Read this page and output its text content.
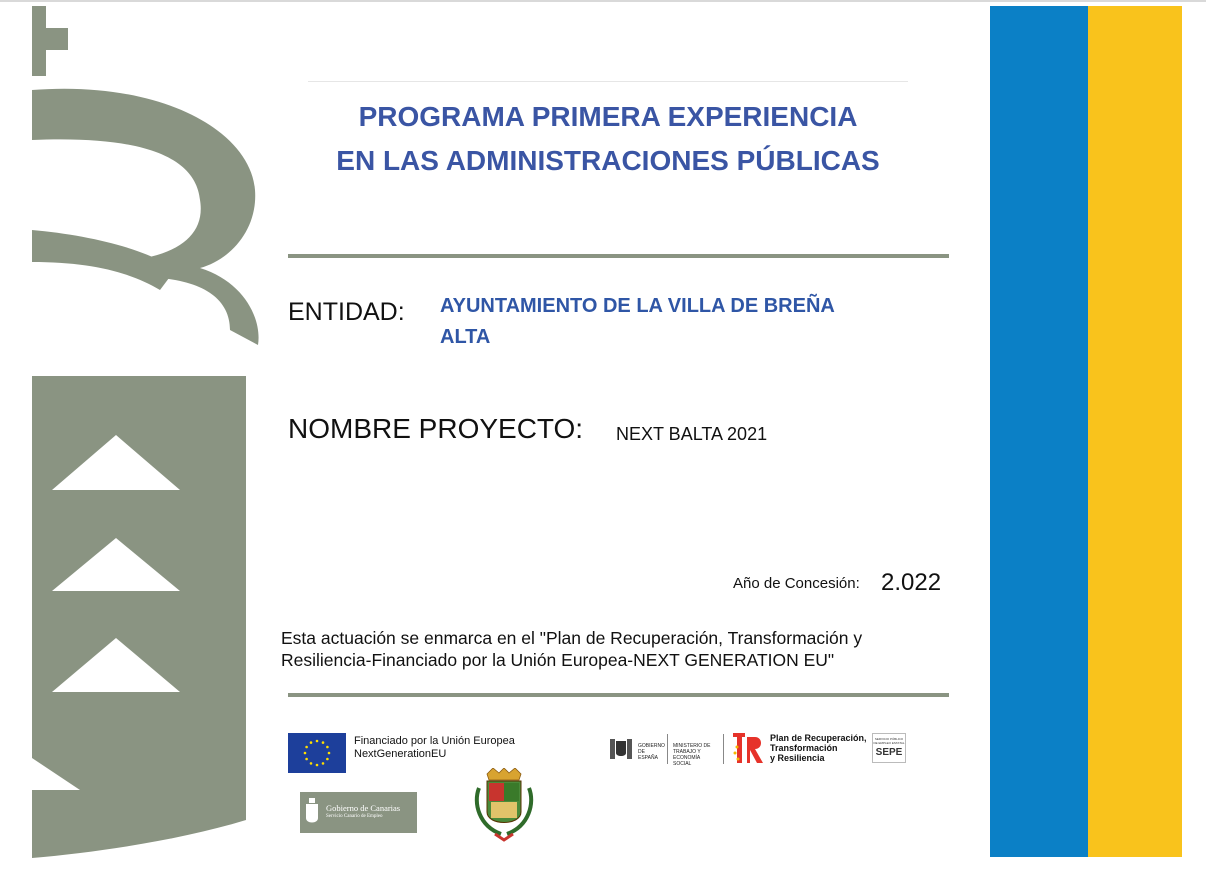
PROGRAMA PRIMERA EXPERIENCIA
EN LAS ADMINISTRACIONES PÚBLICAS
ENTIDAD: AYUNTAMIENTO DE LA VILLA DE BREÑA
ALTA
NOMBRE PROYECTO: NEXT BALTA 2021
Año de Concesión: 2.022
Esta actuación se enmarca en el "Plan de Recuperación, Transformación y
Resiliencia-Financiado por la Unión Europea-NEXT GENERATION EU"
Financiado por la Unión Europea
NextGenerationEU
GOBIERNO DE ESPAÑA
MINISTERIO DE TRABAJO Y ECONOMÍA SOCIAL
Plan de Recuperación,
Transformación
y Resiliencia
SERVICIO PÚBLICO DE EMPLEO ESTATAL
SEPE
Gobierno de Canarias
Servicio Canario de Empleo
